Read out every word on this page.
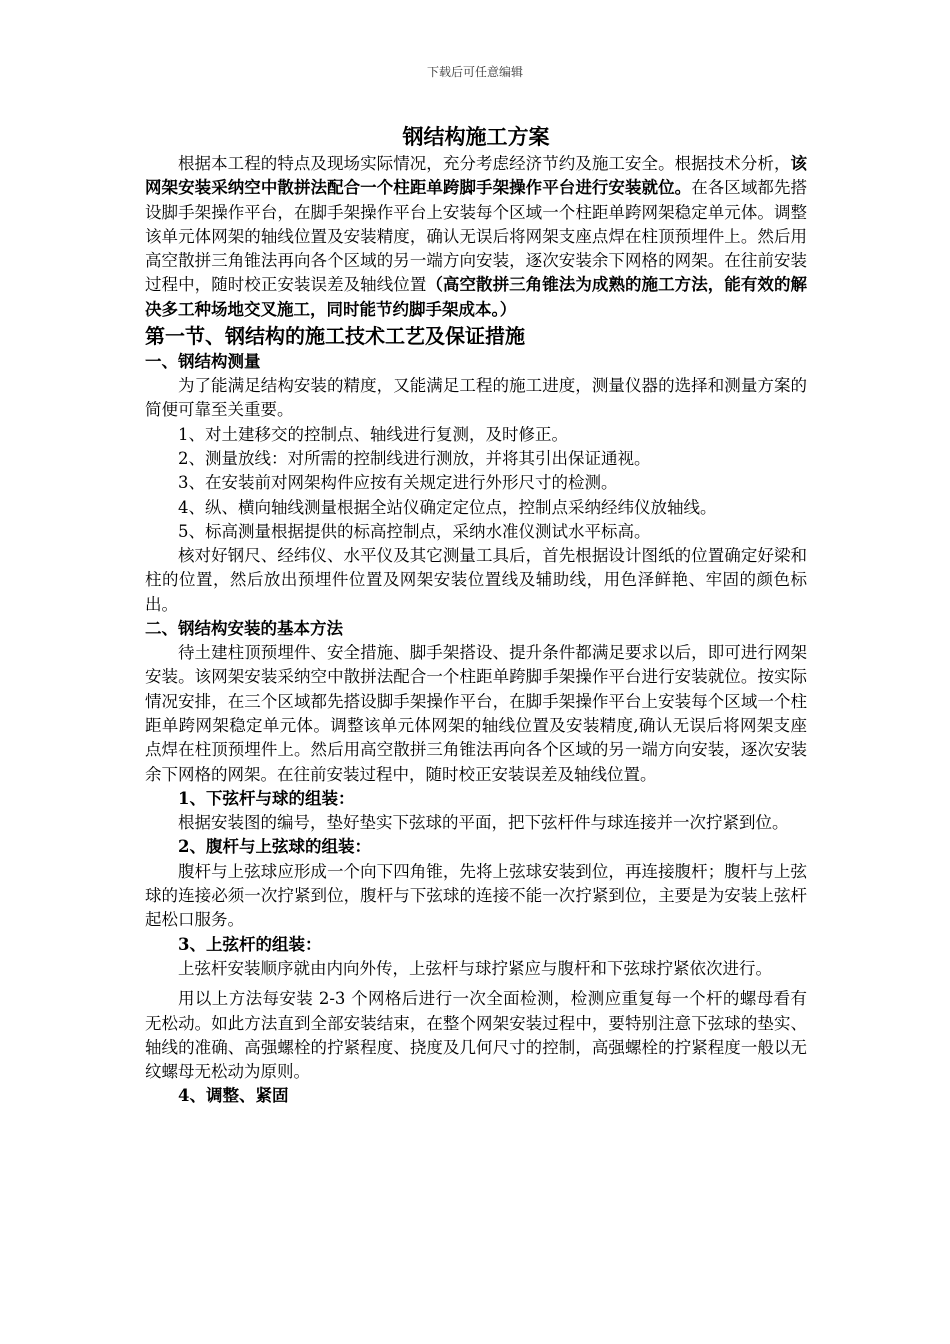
下载后可任意编辑
钢结构施工方案

根据本工程的特点及现场实际情况，充分考虑经济节约及施工安全。根据技术分析，该网架安装采纳空中散拼法配合一个柱距单跨脚手架操作平台进行安装就位。在各区域都先搭设脚手架操作平台，在脚手架操作平台上安装每个区域一个柱距单跨网架稳定单元体。调整该单元体网架的轴线位置及安装精度，确认无误后将网架支座点焊在柱顶预埋件上。然后用高空散拼三角锥法再向各个区域的另一端方向安装，逐次安装余下网格的网架。在往前安装过程中，随时校正安装误差及轴线位置（高空散拼三角锥法为成熟的施工方法，能有效的解决多工种场地交叉施工，同时能节约脚手架成本。）

第一节、钢结构的施工技术工艺及保证措施
一、钢结构测量

为了能满足结构安装的精度，又能满足工程的施工进度，测量仪器的选择和测量方案的简便可靠至关重要。

1、对土建移交的控制点、轴线进行复测，及时修正。

2、测量放线：对所需的控制线进行测放，并将其引出保证通视。

3、在安装前对网架构件应按有关规定进行外形尺寸的检测。

4、纵、横向轴线测量根据全站仪确定定位点，控制点采纳经纬仪放轴线。

5、标高测量根据提供的标高控制点，采纳水准仪测试水平标高。

核对好钢尺、经纬仪、水平仪及其它测量工具后，首先根据设计图纸的位置确定好梁和柱的位置，然后放出预埋件位置及网架安装位置线及辅助线，用色泽鲜艳、牢固的颜色标出。

二、钢结构安装的基本方法

待土建柱顶预埋件、安全措施、脚手架搭设、提升条件都满足要求以后，即可进行网架安装。该网架安装采纳空中散拼法配合一个柱距单跨脚手架操作平台进行安装就位。按实际情况安排，在三个区域都先搭设脚手架操作平台，在脚手架操作平台上安装每个区域一个柱距单跨网架稳定单元体。调整该单元体网架的轴线位置及安装精度,确认无误后将网架支座点焊在柱顶预埋件上。然后用高空散拼三角锥法再向各个区域的另一端方向安装，逐次安装余下网格的网架。在往前安装过程中，随时校正安装误差及轴线位置。

1、下弦杆与球的组装：

根据安装图的编号，垫好垫实下弦球的平面，把下弦杆件与球连接并一次拧紧到位。

2、腹杆与上弦球的组装：

腹杆与上弦球应形成一个向下四角锥，先将上弦球安装到位，再连接腹杆；腹杆与上弦球的连接必须一次拧紧到位，腹杆与下弦球的连接不能一次拧紧到位，主要是为安装上弦杆起松口服务。

3、上弦杆的组装：

上弦杆安装顺序就由内向外传，上弦杆与球拧紧应与腹杆和下弦球拧紧依次进行。

用以上方法每安装 2-3 个网格后进行一次全面检测，检测应重复每一个杆的螺母看有无松动。如此方法直到全部安装结束，在整个网架安装过程中，要特别注意下弦球的垫实、轴线的准确、高强螺栓的拧紧程度、挠度及几何尺寸的控制，高强螺栓的拧紧程度一般以无纹螺母无松动为原则。

4、调整、紧固
